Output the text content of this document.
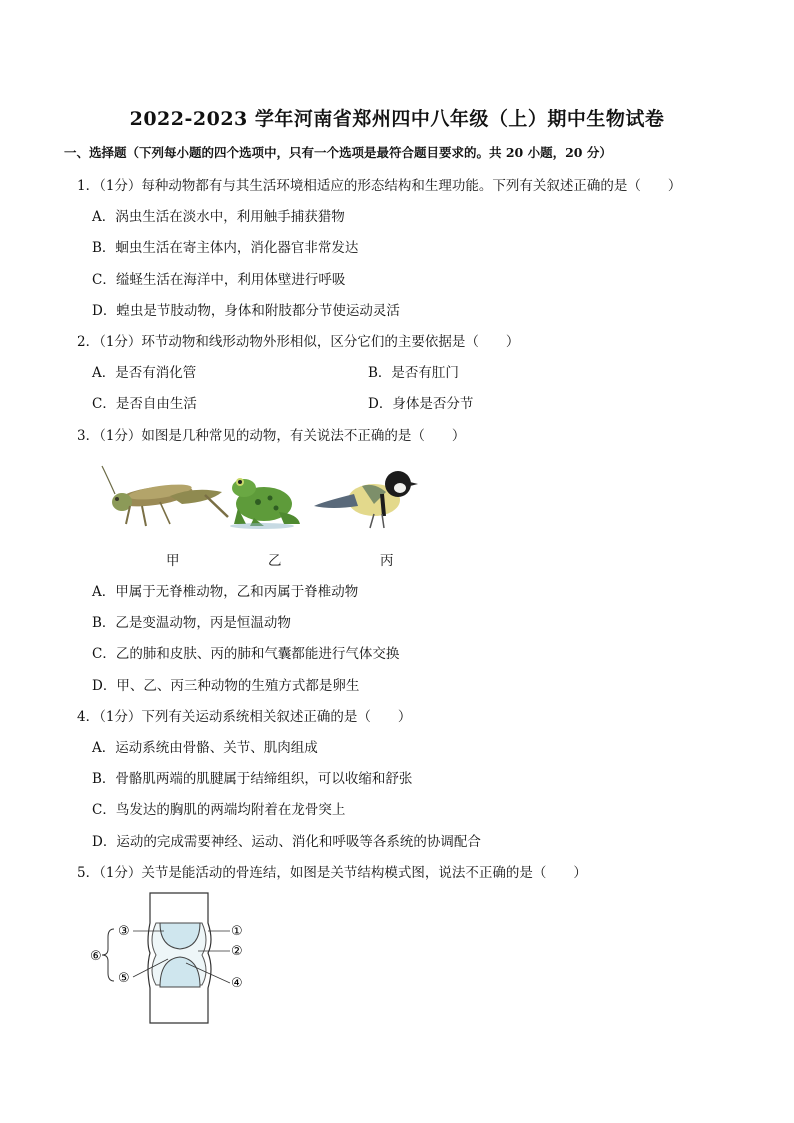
2022-2023 学年河南省郑州四中八年级（上）期中生物试卷
一、选择题（下列每小题的四个选项中，只有一个选项是最符合题目要求的。共 20 小题，20 分）
1．（1分）每种动物都有与其生活环境相适应的形态结构和生理功能。下列有关叙述正确的是（　　）
A．涡虫生活在淡水中，利用触手捕获猎物
B．蛔虫生活在寄主体内，消化器官非常发达
C．缢蛏生活在海洋中，利用体壁进行呼吸
D．蝗虫是节肢动物，身体和附肢都分节使运动灵活
2．（1分）环节动物和线形动物外形相似，区分它们的主要依据是（　　）
A．是否有消化管	B．是否有肛门
C．是否自由生活	D．身体是否分节
3．（1分）如图是几种常见的动物，有关说法不正确的是（　　）
甲	乙	丙
A．甲属于无脊椎动物，乙和丙属于脊椎动物
B．乙是变温动物，丙是恒温动物
C．乙的肺和皮肤、丙的肺和气囊都能进行气体交换
D．甲、乙、丙三种动物的生殖方式都是卵生
4．（1分）下列有关运动系统相关叙述正确的是（　　）
A．运动系统由骨骼、关节、肌肉组成
B．骨骼肌两端的肌腱属于结缔组织，可以收缩和舒张
C．鸟发达的胸肌的两端均附着在龙骨突上
D．运动的完成需要神经、运动、消化和呼吸等各系统的协调配合
5．（1分）关节是能活动的骨连结，如图是关节结构模式图，说法不正确的是（　　）
③
⑤
⑥
①
②
④
